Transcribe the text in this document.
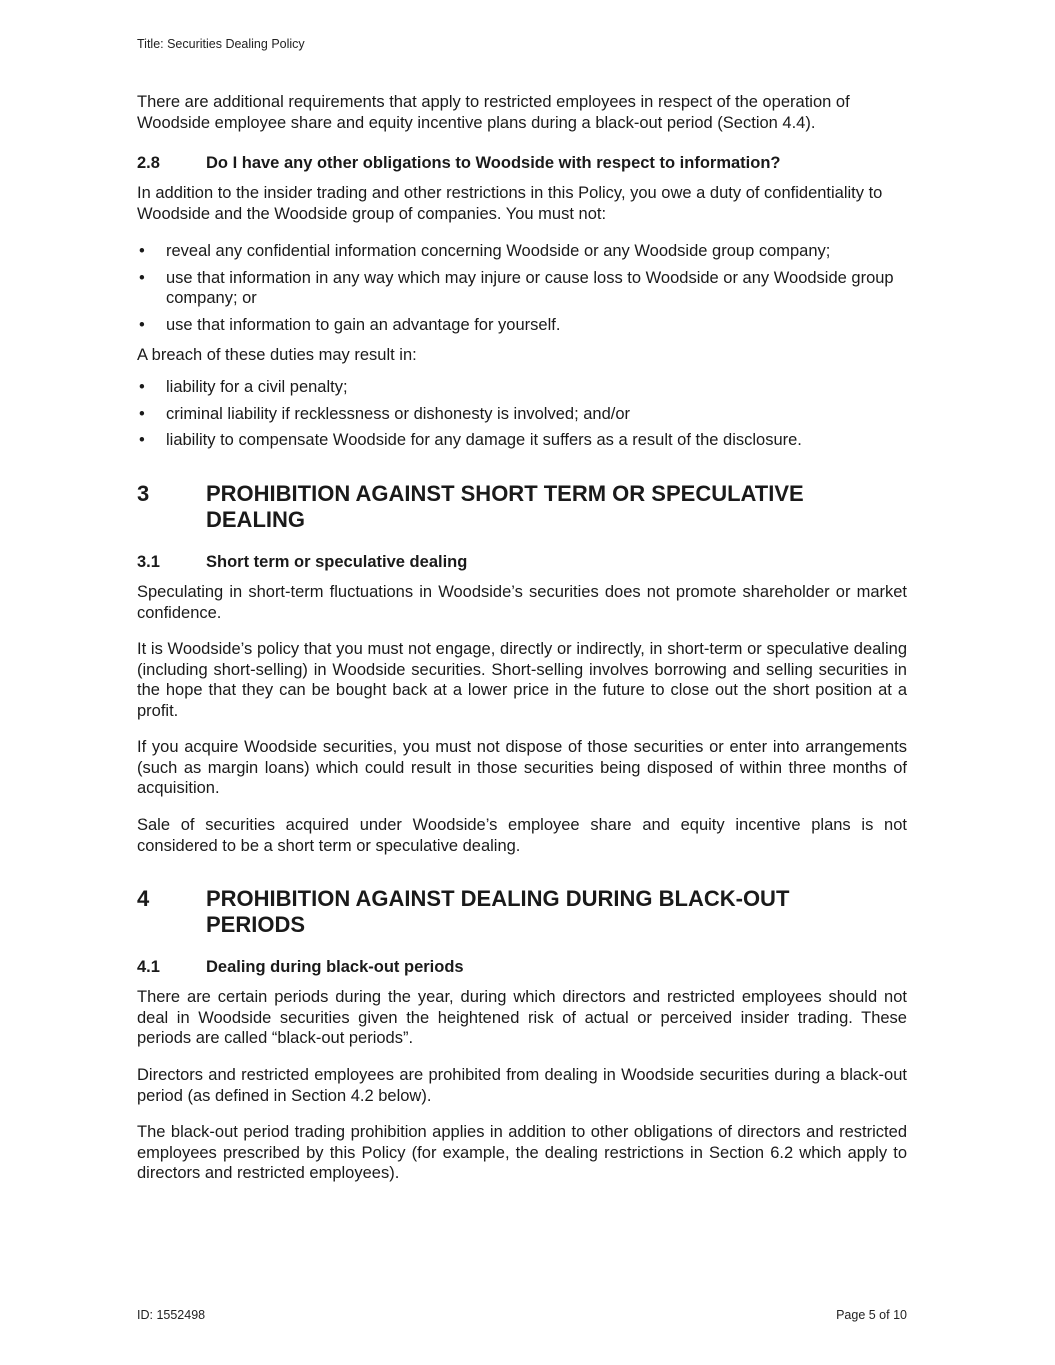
Title: Securities Dealing Policy

There are additional requirements that apply to restricted employees in respect of the operation of Woodside employee share and equity incentive plans during a black-out period (Section 4.4).

2.8	Do I have any other obligations to Woodside with respect to information?

In addition to the insider trading and other restrictions in this Policy, you owe a duty of confidentiality to Woodside and the Woodside group of companies. You must not:

• reveal any confidential information concerning Woodside or any Woodside group company;
• use that information in any way which may injure or cause loss to Woodside or any Woodside group company; or
• use that information to gain an advantage for yourself.

A breach of these duties may result in:

• liability for a civil penalty;
• criminal liability if recklessness or dishonesty is involved; and/or
• liability to compensate Woodside for any damage it suffers as a result of the disclosure.
3	PROHIBITION AGAINST SHORT TERM OR SPECULATIVE DEALING
3.1	Short term or speculative dealing

Speculating in short-term fluctuations in Woodside’s securities does not promote shareholder or market confidence.

It is Woodside’s policy that you must not engage, directly or indirectly, in short-term or speculative dealing (including short-selling) in Woodside securities. Short-selling involves borrowing and selling securities in the hope that they can be bought back at a lower price in the future to close out the short position at a profit.

If you acquire Woodside securities, you must not dispose of those securities or enter into arrangements (such as margin loans) which could result in those securities being disposed of within three months of acquisition.

Sale of securities acquired under Woodside’s employee share and equity incentive plans is not considered to be a short term or speculative dealing.

4	PROHIBITION AGAINST DEALING DURING BLACK-OUT PERIODS
4.1	Dealing during black-out periods

There are certain periods during the year, during which directors and restricted employees should not deal in Woodside securities given the heightened risk of actual or perceived insider trading. These periods are called “black-out periods”.

Directors and restricted employees are prohibited from dealing in Woodside securities during a black-out period (as defined in Section 4.2 below).

The black-out period trading prohibition applies in addition to other obligations of directors and restricted employees prescribed by this Policy (for example, the dealing restrictions in Section 6.2 which apply to directors and restricted employees).

ID: 1552498	Page 5 of 10
